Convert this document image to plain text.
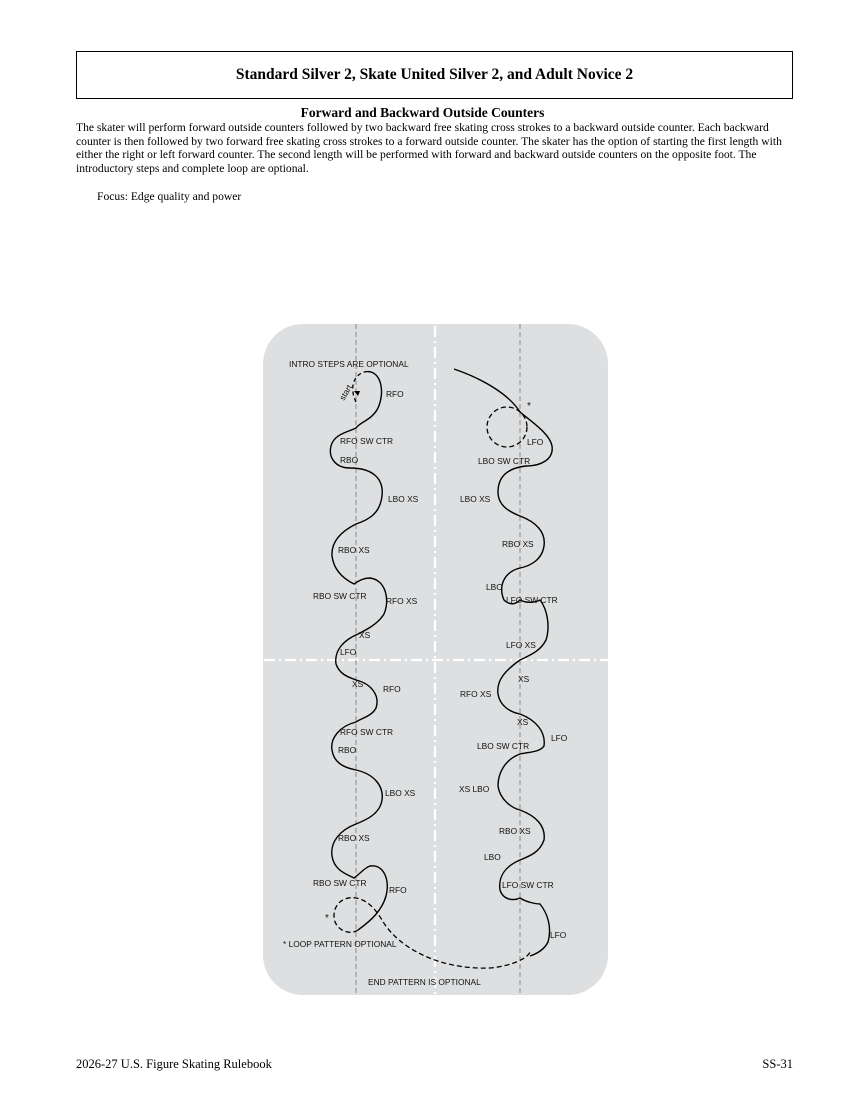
Standard Silver 2, Skate United Silver 2, and Adult Novice 2
Forward and Backward Outside Counters
The skater will perform forward outside counters followed by two backward free skating cross strokes to a backward outside counter. Each backward counter is then followed by two forward free skating cross strokes to a forward outside counter. The skater has the option of starting the first length with either the right or left forward counter. The second length will be performed with forward and backward outside counters on the opposite foot. The introductory steps and complete loop are optional.
Focus: Edge quality and power
INTRO STEPS ARE OPTIONAL
start
* LOOP PATTERN OPTIONAL
END PATTERN IS OPTIONAL
*
*
RFO
RFO SW CTR
RBO
LBO XS
RBO XS
RBO SW CTR RFO XS
XS
LFO
XS RFO
RFO SW CTR
RBO
LBO XS
RBO XS
RBO SW CTR
RFO
LFO
LBO SW CTR
LBO XS
RBO XS
LBO
LFO SW CTR
LFO XS
XS
RFO XS
XS
LFO
LBO SW CTR
XS LBO
RBO XS
LBO
LFO SW CTR
LFO
2026-27 U.S. Figure Skating Rulebook	SS-31
